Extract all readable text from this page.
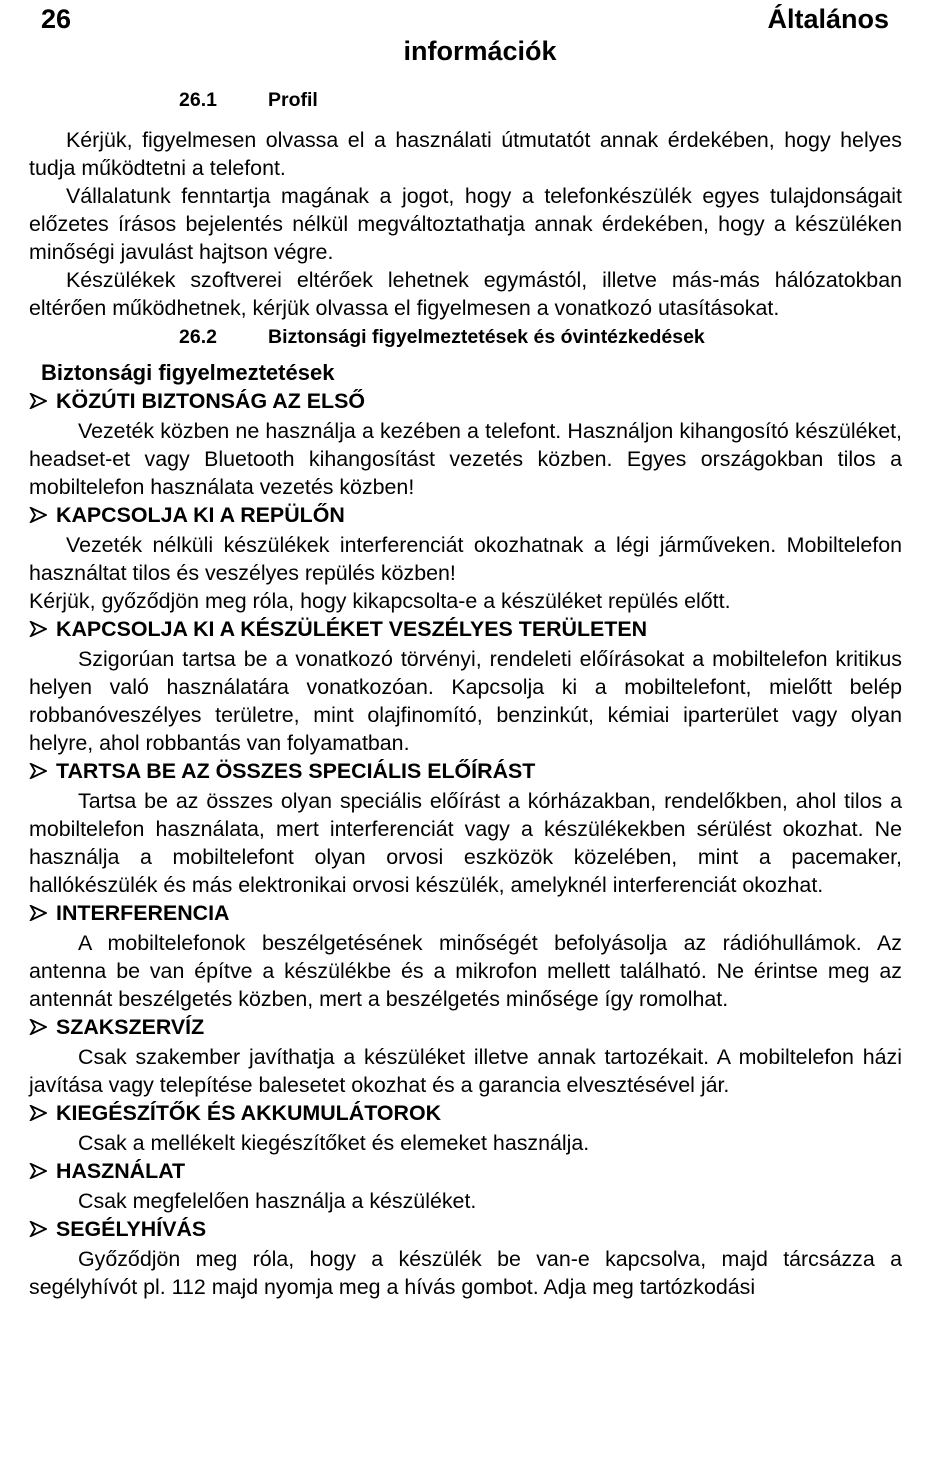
26	Általános
információk
26.1	Profil

Kérjük, figyelmesen olvassa el a használati útmutatót annak érdekében, hogy helyes tudja működtetni a telefont.

Vállalatunk fenntartja magának a jogot, hogy a telefonkészülék egyes tulajdonságait előzetes írásos bejelentés nélkül megváltoztathatja annak érdekében, hogy a készüléken minőségi javulást hajtson végre.

Készülékek szoftverei eltérőek lehetnek egymástól, illetve más-más hálózatokban eltérően működhetnek, kérjük olvassa el figyelmesen a vonatkozó utasításokat.

26.2	Biztonsági figyelmeztetések és óvintézkedések

Biztonsági figyelmeztetések

KÖZÚTI BIZTONSÁG AZ ELSŐ

Vezeték közben ne használja a kezében a telefont. Használjon kihangosító készüléket, headset-et vagy Bluetooth kihangosítást vezetés közben. Egyes országokban tilos a mobiltelefon használata vezetés közben!

KAPCSOLJA KI A REPÜLŐN

Vezeték nélküli készülékek interferenciát okozhatnak a légi járműveken. Mobiltelefon használtat tilos és veszélyes repülés közben!

Kérjük, győződjön meg róla, hogy kikapcsolta-e a készüléket repülés előtt.

KAPCSOLJA KI A KÉSZÜLÉKET VESZÉLYES TERÜLETEN

Szigorúan tartsa be a vonatkozó törvényi, rendeleti előírásokat a mobiltelefon kritikus helyen való használatára vonatkozóan. Kapcsolja ki a mobiltelefont, mielőtt belép robbanóveszélyes területre, mint olajfinomító, benzinkút, kémiai iparterület vagy olyan helyre, ahol robbantás van folyamatban.

TARTSA BE AZ ÖSSZES SPECIÁLIS ELŐÍRÁST

Tartsa be az összes olyan speciális előírást a kórházakban, rendelőkben, ahol tilos a mobiltelefon használata, mert interferenciát vagy a készülékekben sérülést okozhat. Ne használja a mobiltelefont olyan orvosi eszközök közelében, mint a pacemaker, hallókészülék és más elektronikai orvosi készülék, amelyknél interferenciát okozhat.

INTERFERENCIA

A mobiltelefonok beszélgetésének minőségét befolyásolja az rádióhullámok. Az antenna be van építve a készülékbe és a mikrofon mellett található. Ne érintse meg az antennát beszélgetés közben, mert a beszélgetés minősége így romolhat.

SZAKSZERVÍZ

Csak szakember javíthatja a készüléket illetve annak tartozékait. A mobiltelefon házi javítása vagy telepítése balesetet okozhat és a garancia elvesztésével jár.

KIEGÉSZÍTŐK ÉS AKKUMULÁTOROK

Csak a mellékelt kiegészítőket és elemeket használja.

HASZNÁLAT

Csak megfelelően használja a készüléket.

SEGÉLYHÍVÁS

Győződjön meg róla, hogy a készülék be van-e kapcsolva, majd tárcsázza a segélyhívót pl. 112 majd nyomja meg a hívás gombot. Adja meg tartózkodási
